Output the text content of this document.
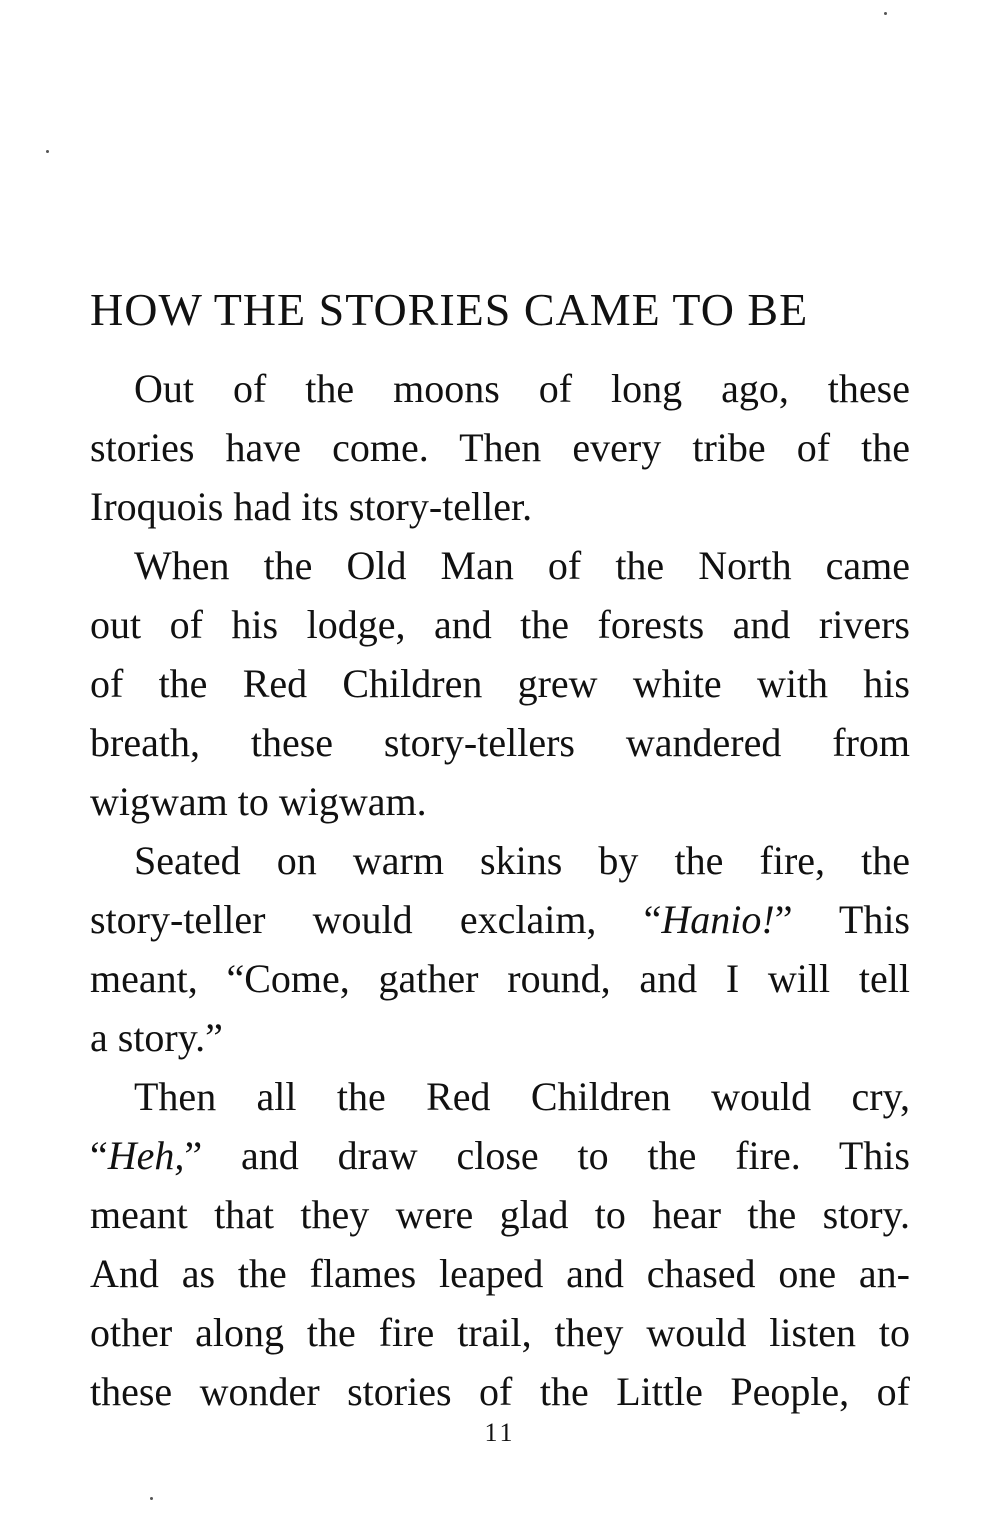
HOW THE STORIES CAME TO BE
Out of the moons of long ago, these
stories have come. Then every tribe of the
Iroquois had its story-teller.
When the Old Man of the North came
out of his lodge, and the forests and rivers
of the Red Children grew white with his
breath, these story-tellers wandered from
wigwam to wigwam.
Seated on warm skins by the fire, the
story-teller would exclaim, “Hanio!” This
meant, “Come, gather round, and I will tell
a story.”
Then all the Red Children would cry,
“Heh,” and draw close to the fire. This
meant that they were glad to hear the story.
And as the flames leaped and chased one an-
other along the fire trail, they would listen to
these wonder stories of the Little People, of
11
